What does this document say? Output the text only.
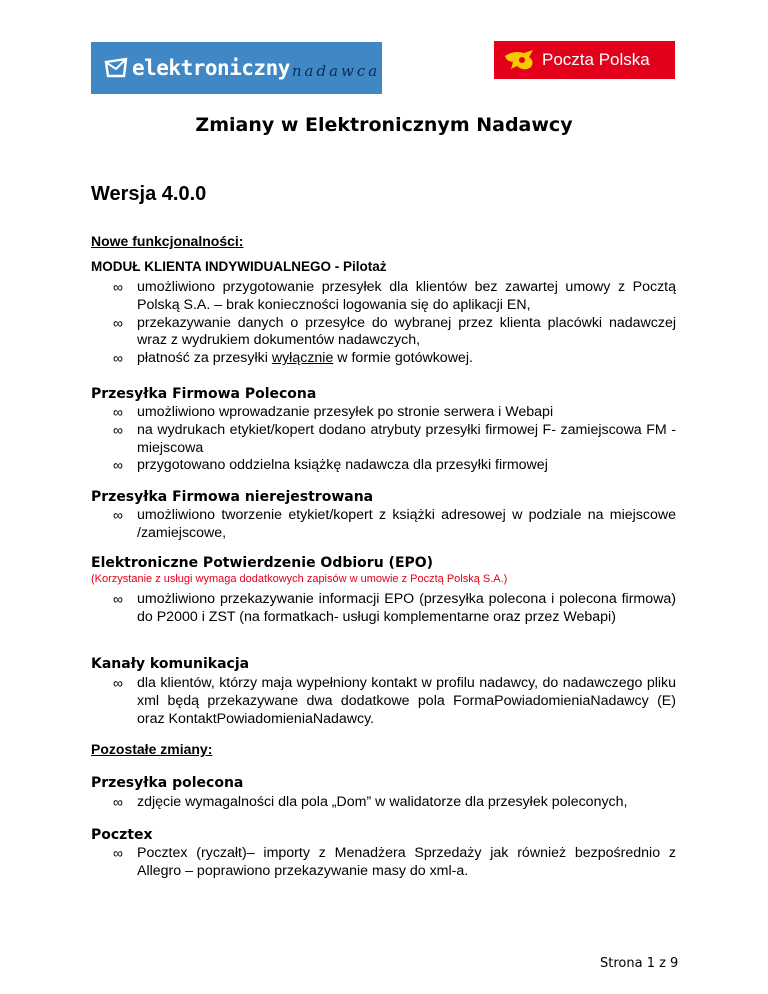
elektroniczny nadawca
Poczta Polska
Zmiany w Elektronicznym Nadawcy
Wersja 4.0.0
Nowe funkcjonalności:
MODUŁ KLIENTA INDYWIDUALNEGO - Pilotaż
∞ umożliwiono przygotowanie przesyłek dla klientów bez zawartej umowy z Pocztą Polską S.A. – brak konieczności logowania się do aplikacji EN,
∞ przekazywanie danych o przesyłce do wybranej przez klienta placówki nadawczej wraz z wydrukiem dokumentów nadawczych,
∞ płatność za przesyłki wyłącznie w formie gotówkowej.
Przesyłka Firmowa Polecona
∞ umożliwiono wprowadzanie przesyłek po stronie serwera i Webapi
∞ na wydrukach etykiet/kopert dodano atrybuty przesyłki firmowej F- zamiejscowa FM - miejscowa
∞ przygotowano oddzielna książkę nadawcza dla przesyłki firmowej
Przesyłka Firmowa nierejestrowana
∞ umożliwiono tworzenie etykiet/kopert z książki adresowej w podziale na miejscowe /zamiejscowe,
Elektroniczne Potwierdzenie Odbioru (EPO)
(Korzystanie z usługi wymaga dodatkowych zapisów w umowie z Pocztą Polską S.A.)
∞ umożliwiono przekazywanie informacji EPO (przesyłka polecona i polecona firmowa) do P2000 i ZST (na formatkach- usługi komplementarne oraz przez Webapi)
Kanały komunikacja
∞ dla klientów, którzy maja wypełniony kontakt w profilu nadawcy, do nadawczego pliku xml będą przekazywane dwa dodatkowe pola FormaPowiadomieniaNadawcy (E) oraz KontaktPowiadomieniaNadawcy.
Pozostałe zmiany:
Przesyłka polecona
∞ zdjęcie wymagalności dla pola „Dom” w walidatorze dla przesyłek poleconych,
Pocztex
∞ Pocztex (ryczałt)– importy z Menadżera Sprzedaży jak również bezpośrednio z Allegro – poprawiono przekazywanie masy do xml-a.
Strona 1 z 9
